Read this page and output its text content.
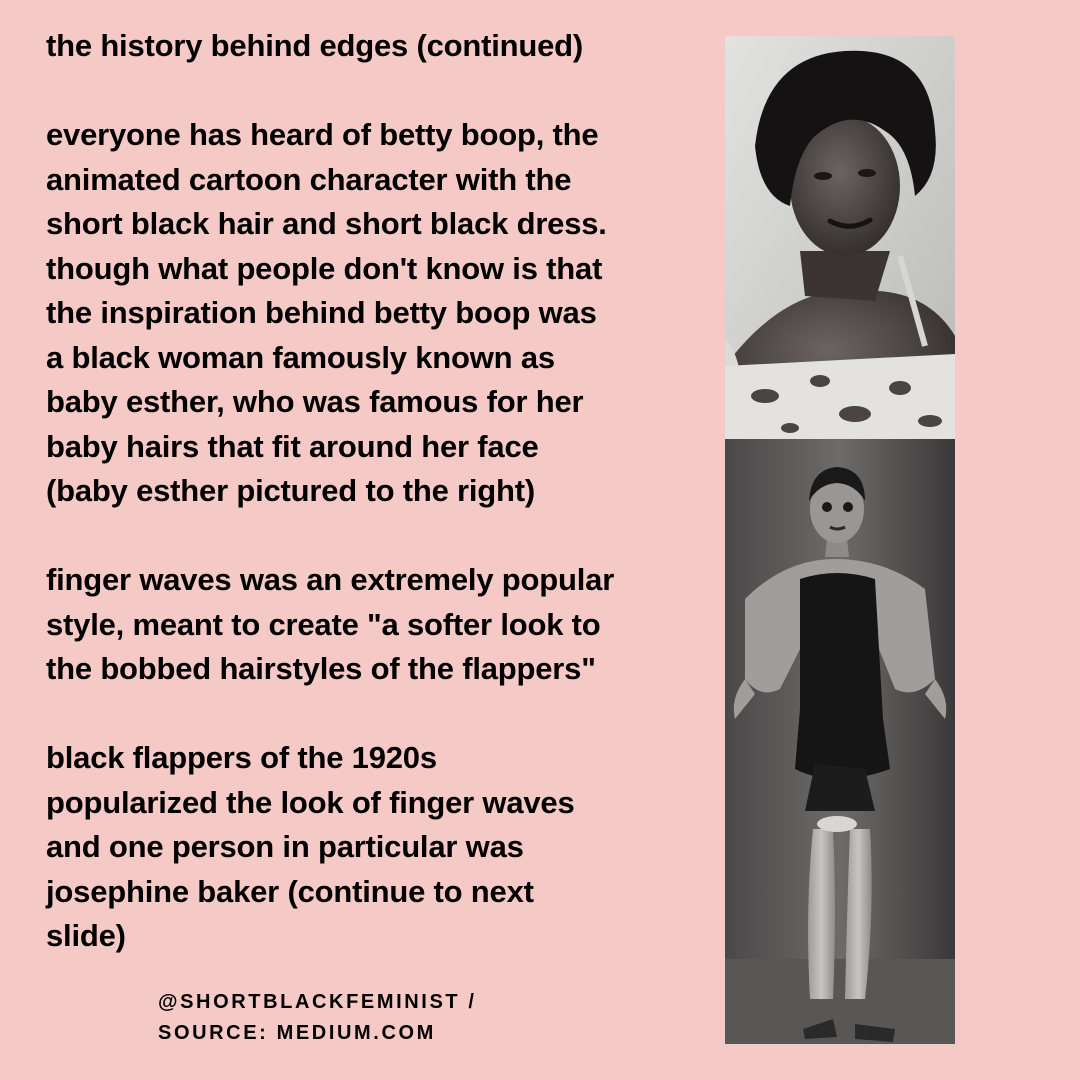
the history behind edges (continued)

everyone has heard of betty boop, the

animated cartoon character with the

short black hair and short black dress.

though what people don't know is that

the inspiration behind betty boop was

a black woman famously known as

baby esther, who was famous for her

baby hairs that fit around her face

(baby esther pictured to the right)

finger waves was an extremely popular

style, meant to create "a softer look to

the bobbed hairstyles of the flappers"

black flappers of the 1920s

popularized the look of finger waves

and one person in particular was

josephine baker (continue to next

slide)

@SHORTBLACKFEMINIST /
SOURCE: MEDIUM.COM
